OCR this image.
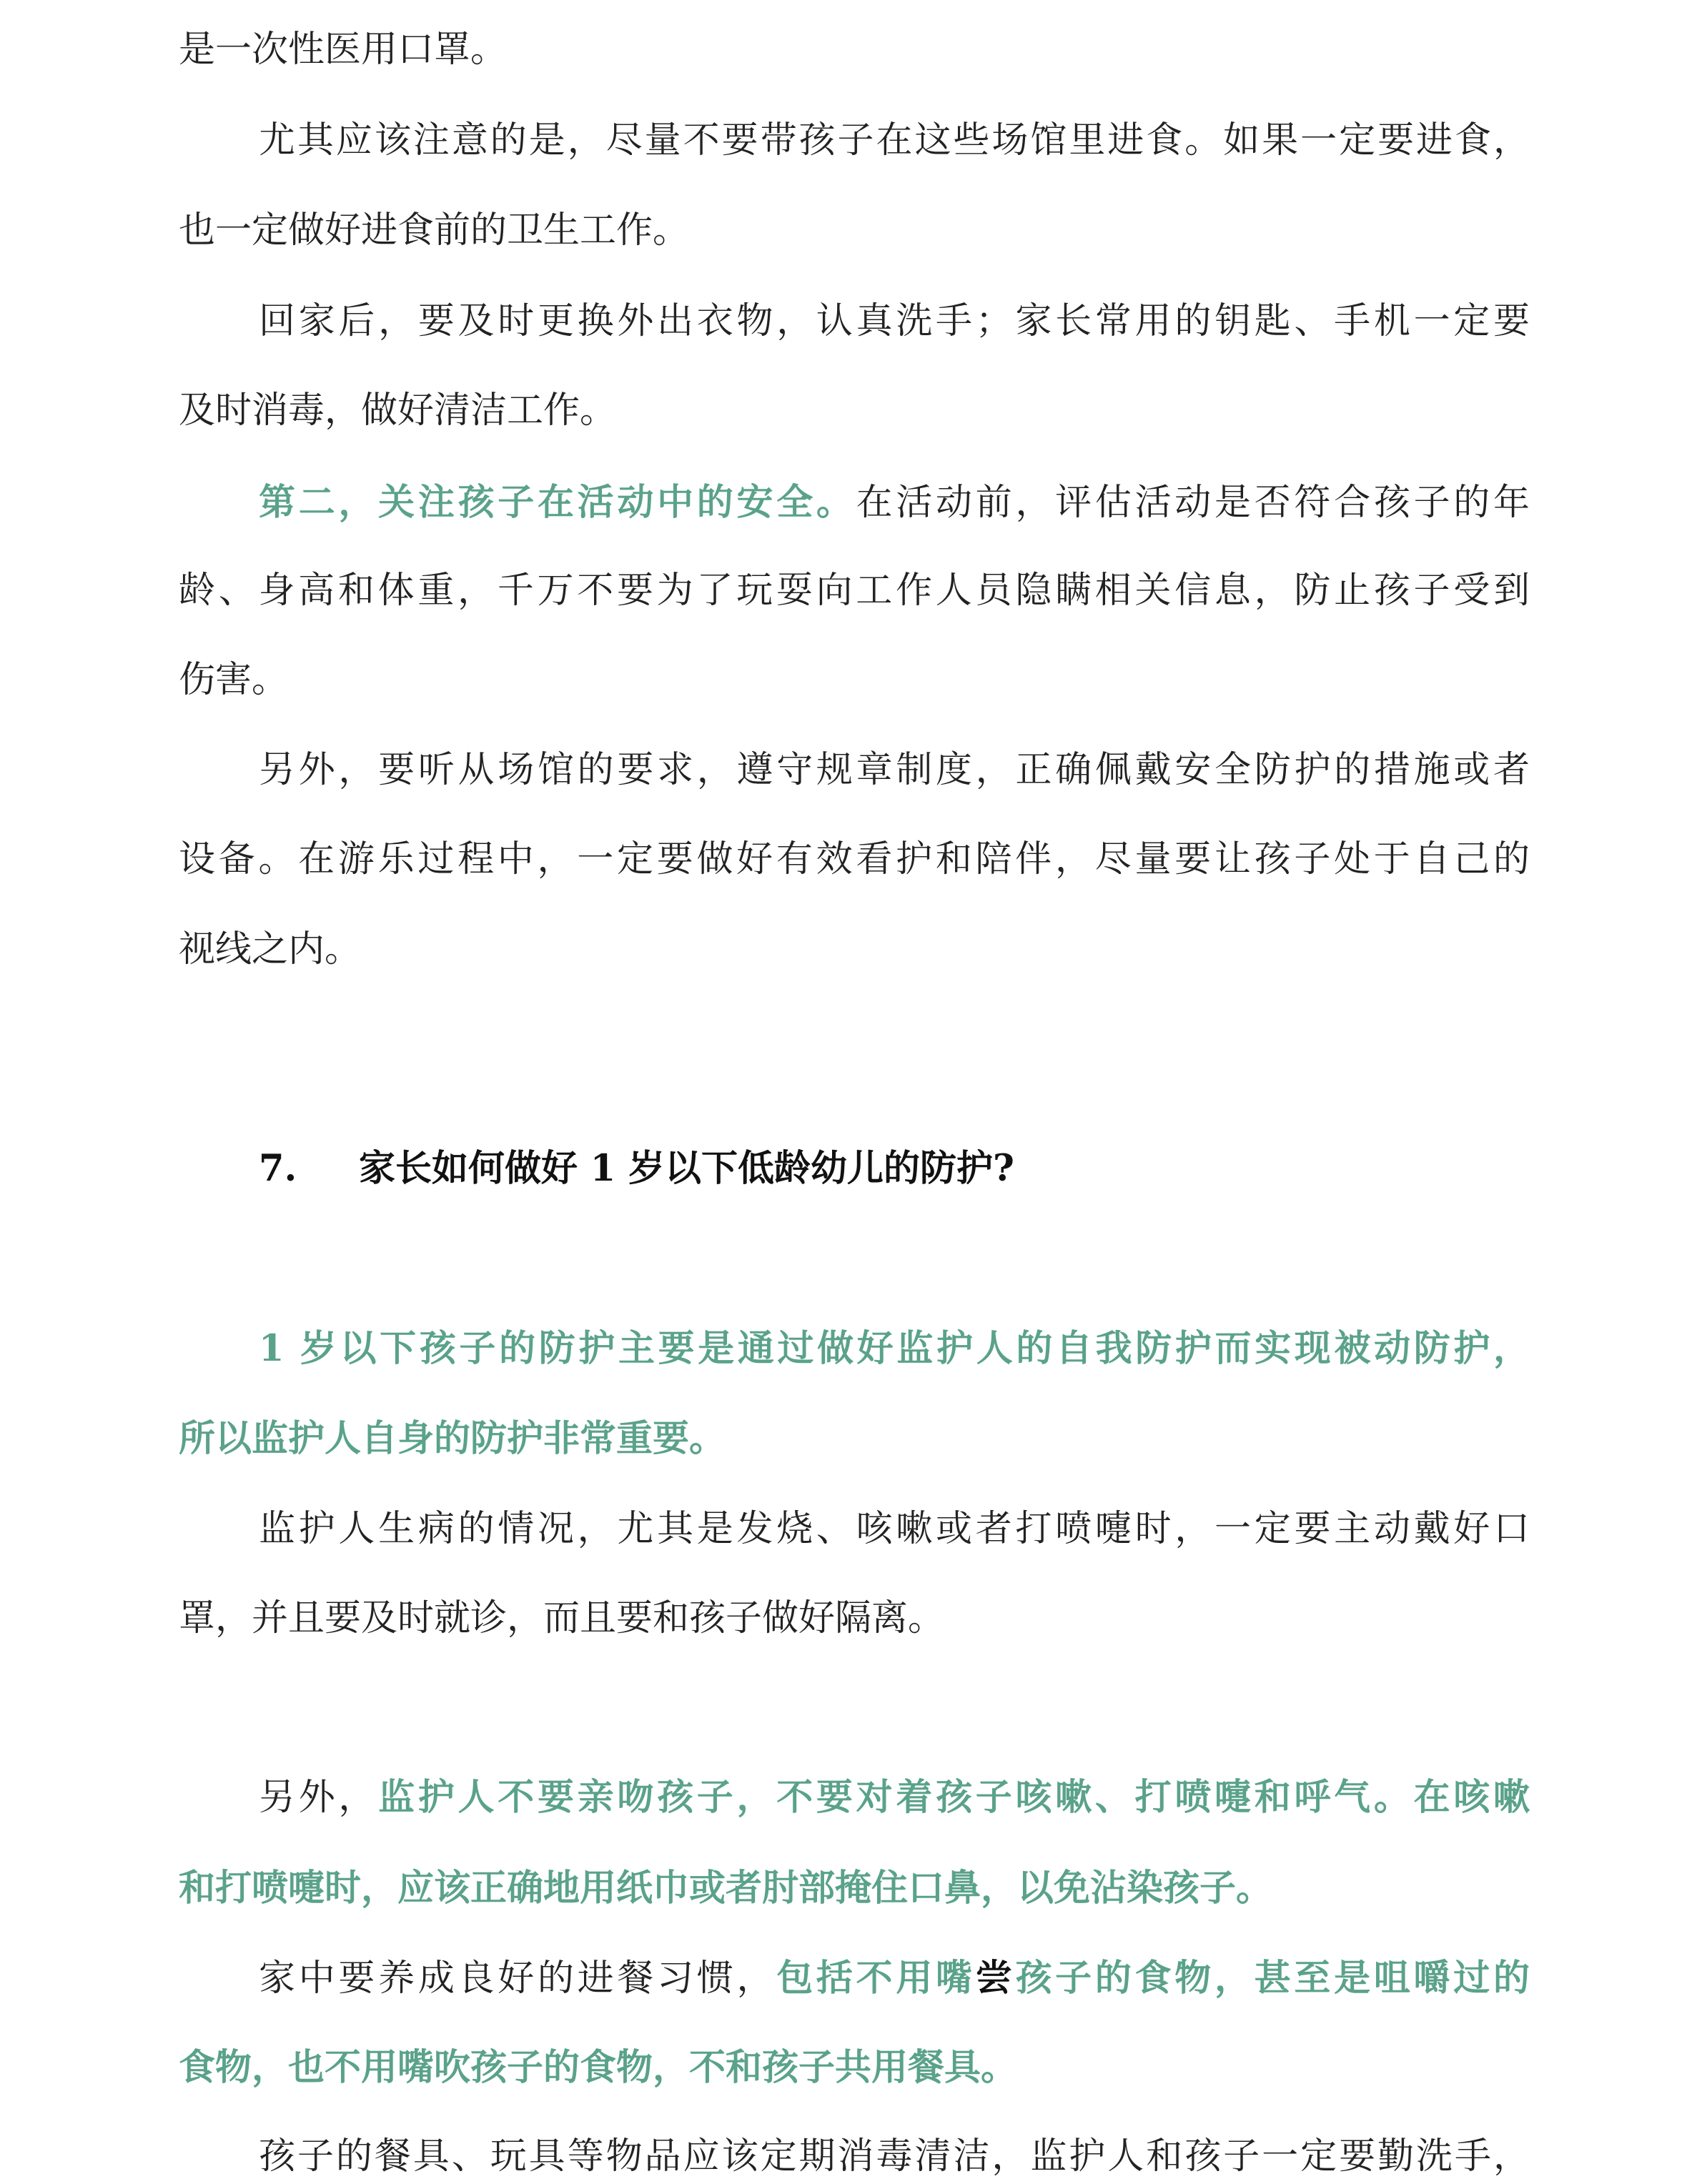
是一次性医用口罩。
尤其应该注意的是，尽量不要带孩子在这些场馆里进食。如果一定要进食，
也一定做好进食前的卫生工作。
回家后，要及时更换外出衣物，认真洗手；家长常用的钥匙、手机一定要
及时消毒，做好清洁工作。
第二，关注孩子在活动中的安全。在活动前，评估活动是否符合孩子的年
龄、身高和体重，千万不要为了玩耍向工作人员隐瞒相关信息，防止孩子受到
伤害。
另外，要听从场馆的要求，遵守规章制度，正确佩戴安全防护的措施或者
设备。在游乐过程中，一定要做好有效看护和陪伴，尽量要让孩子处于自己的
视线之内。
7. 家长如何做好 1 岁以下低龄幼儿的防护?
1 岁以下孩子的防护主要是通过做好监护人的自我防护而实现被动防护，
所以监护人自身的防护非常重要。
监护人生病的情况，尤其是发烧、咳嗽或者打喷嚏时，一定要主动戴好口
罩，并且要及时就诊，而且要和孩子做好隔离。
另外，监护人不要亲吻孩子，不要对着孩子咳嗽、打喷嚏和呼气。在咳嗽
和打喷嚏时，应该正确地用纸巾或者肘部掩住口鼻，以免沾染孩子。
家中要养成良好的进餐习惯，包括不用嘴尝孩子的食物，甚至是咀嚼过的
食物，也不用嘴吹孩子的食物，不和孩子共用餐具。
孩子的餐具、玩具等物品应该定期消毒清洁，监护人和孩子一定要勤洗手，
